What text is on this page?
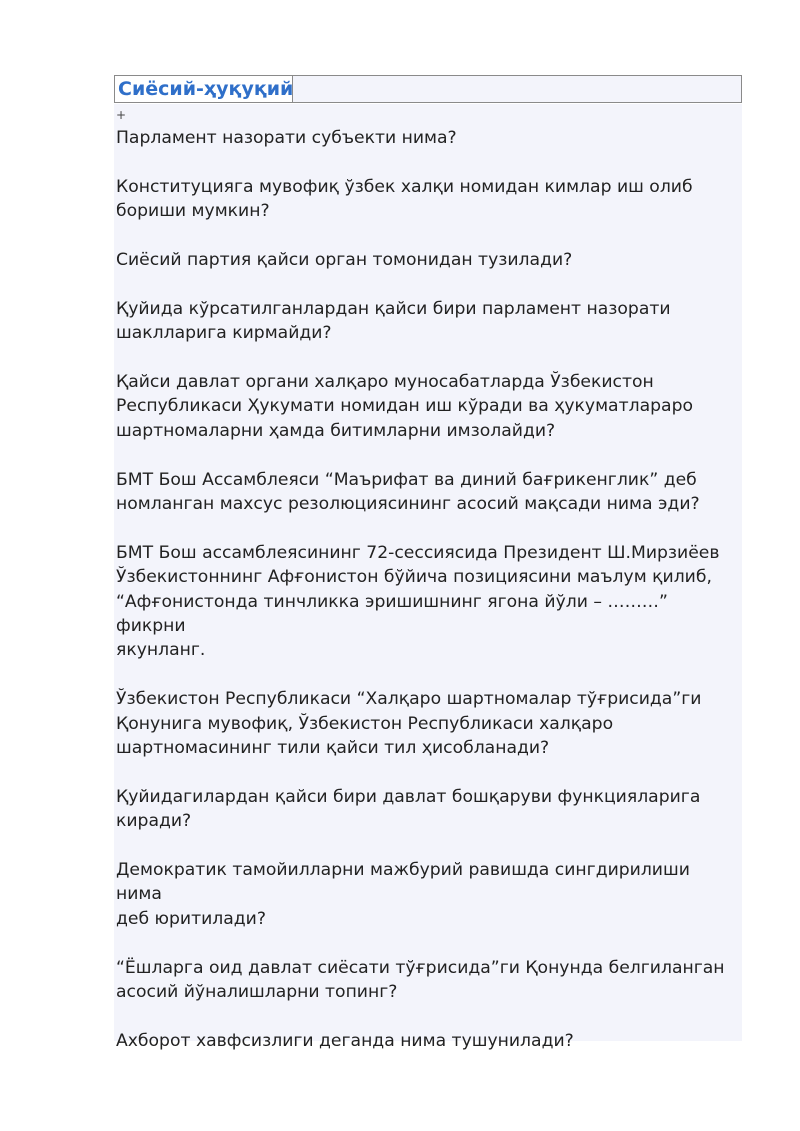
Сиёсий-ҳуқуқий
+
Парламент назорати субъекти нима?
Конституцияга мувофиқ ўзбек халқи номидан кимлар иш олиб
бориши мумкин?
Сиёсий партия қайси орган томонидан тузилади?
Қуйида кўрсатилганлардан қайси бири парламент назорати
шаклларига кирмайди?
Қайси давлат органи халқаро муносабатларда Ўзбекистон
Республикаси Ҳукумати номидан иш кўради ва ҳукуматлараро
шартномаларни ҳамда битимларни имзолайди?
БМТ Бош Ассамблеяси “Маърифат ва диний бағрикенглик” деб
номланган махсус резолюциясининг асосий мақсади нима эди?
БМТ Бош ассамблеясининг 72-сессиясида Президент Ш.Мирзиёев
Ўзбекистоннинг Афғонистон бўйича позициясини маълум қилиб,
“Афғонистонда тинчликка эришишнинг ягона йўли – ………” фикрни
якунланг.
Ўзбекистон Республикаси “Халқаро шартномалар тўғрисида”ги
Қонунига мувофиқ, Ўзбекистон Республикаси халқаро
шартномасининг тили қайси тил ҳисобланади?
Қуйидагилардан қайси бири давлат бошқаруви функцияларига
киради?
Демократик тамойилларни мажбурий равишда сингдирилиши нима
деб юритилади?
“Ёшларга оид давлат сиёсати тўғрисида”ги Қонунда белгиланган
асосий йўналишларни топинг?
Ахборот хавфсизлиги деганда нима тушунилади?
